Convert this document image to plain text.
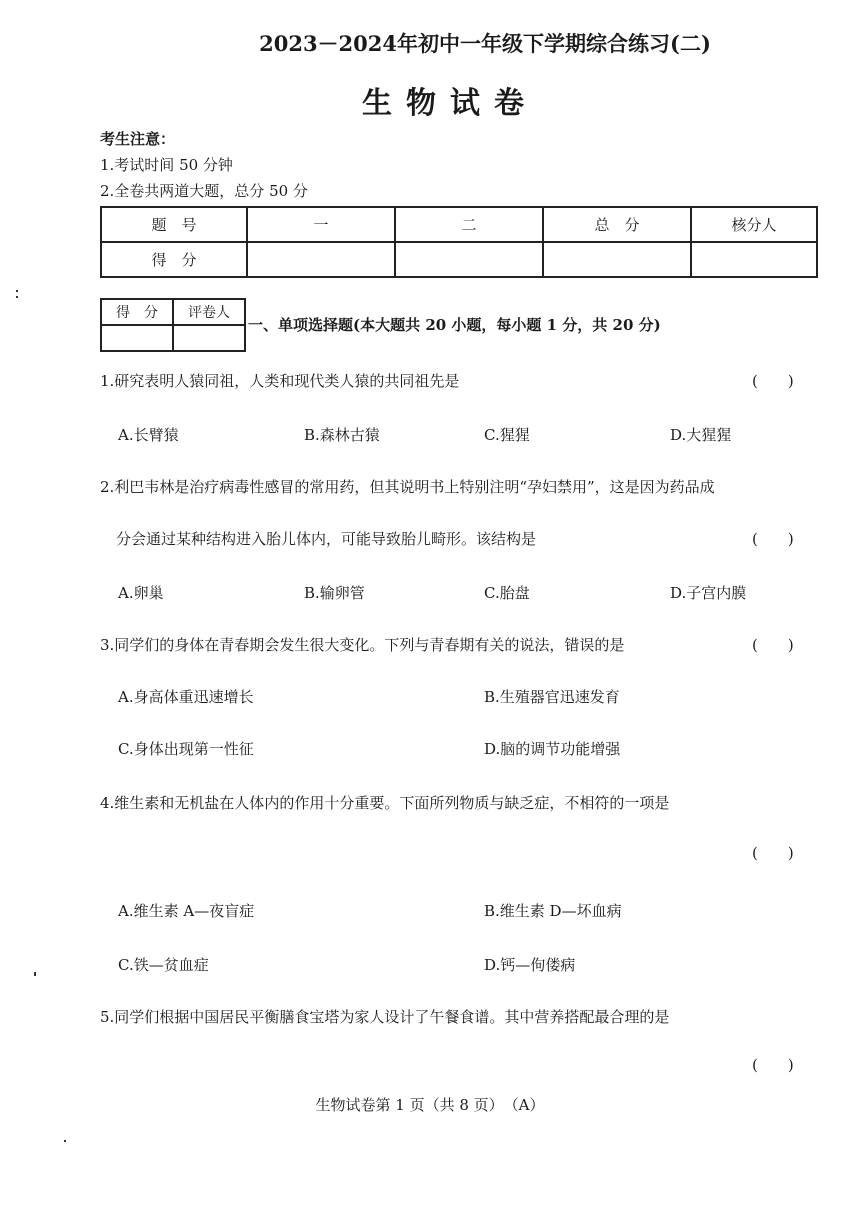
2023－2024年初中一年级下学期综合练习(二)
生物试卷
考生注意：
1.考试时间 50 分钟
2.全卷共两道大题，总分 50 分
题　号	一	二	总　分	核分人
得　分				
得　分	评卷人

一、单项选择题(本大题共 20 小题，每小题 1 分，共 20 分)
1.研究表明人猿同祖，人类和现代类人猿的共同祖先是	(　　)
A.长臂猿	B.森林古猿	C.猩猩	D.大猩猩
2.利巴韦林是治疗病毒性感冒的常用药，但其说明书上特别注明“孕妇禁用”，这是因为药品成
分会通过某种结构进入胎儿体内，可能导致胎儿畸形。该结构是	(　　)
A.卵巢	B.输卵管	C.胎盘	D.子宫内膜
3.同学们的身体在青春期会发生很大变化。下列与青春期有关的说法，错误的是	(　　)
A.身高体重迅速增长	B.生殖器官迅速发育
C.身体出现第一性征	D.脑的调节功能增强
4.维生素和无机盐在人体内的作用十分重要。下面所列物质与缺乏症，不相符的一项是
(　　)
A.维生素 A—夜盲症	B.维生素 D—坏血病
C.铁—贫血症	D.钙—佝偻病
5.同学们根据中国居民平衡膳食宝塔为家人设计了午餐食谱。其中营养搭配最合理的是
(　　)
生物试卷第 1 页（共 8 页）　（A）
